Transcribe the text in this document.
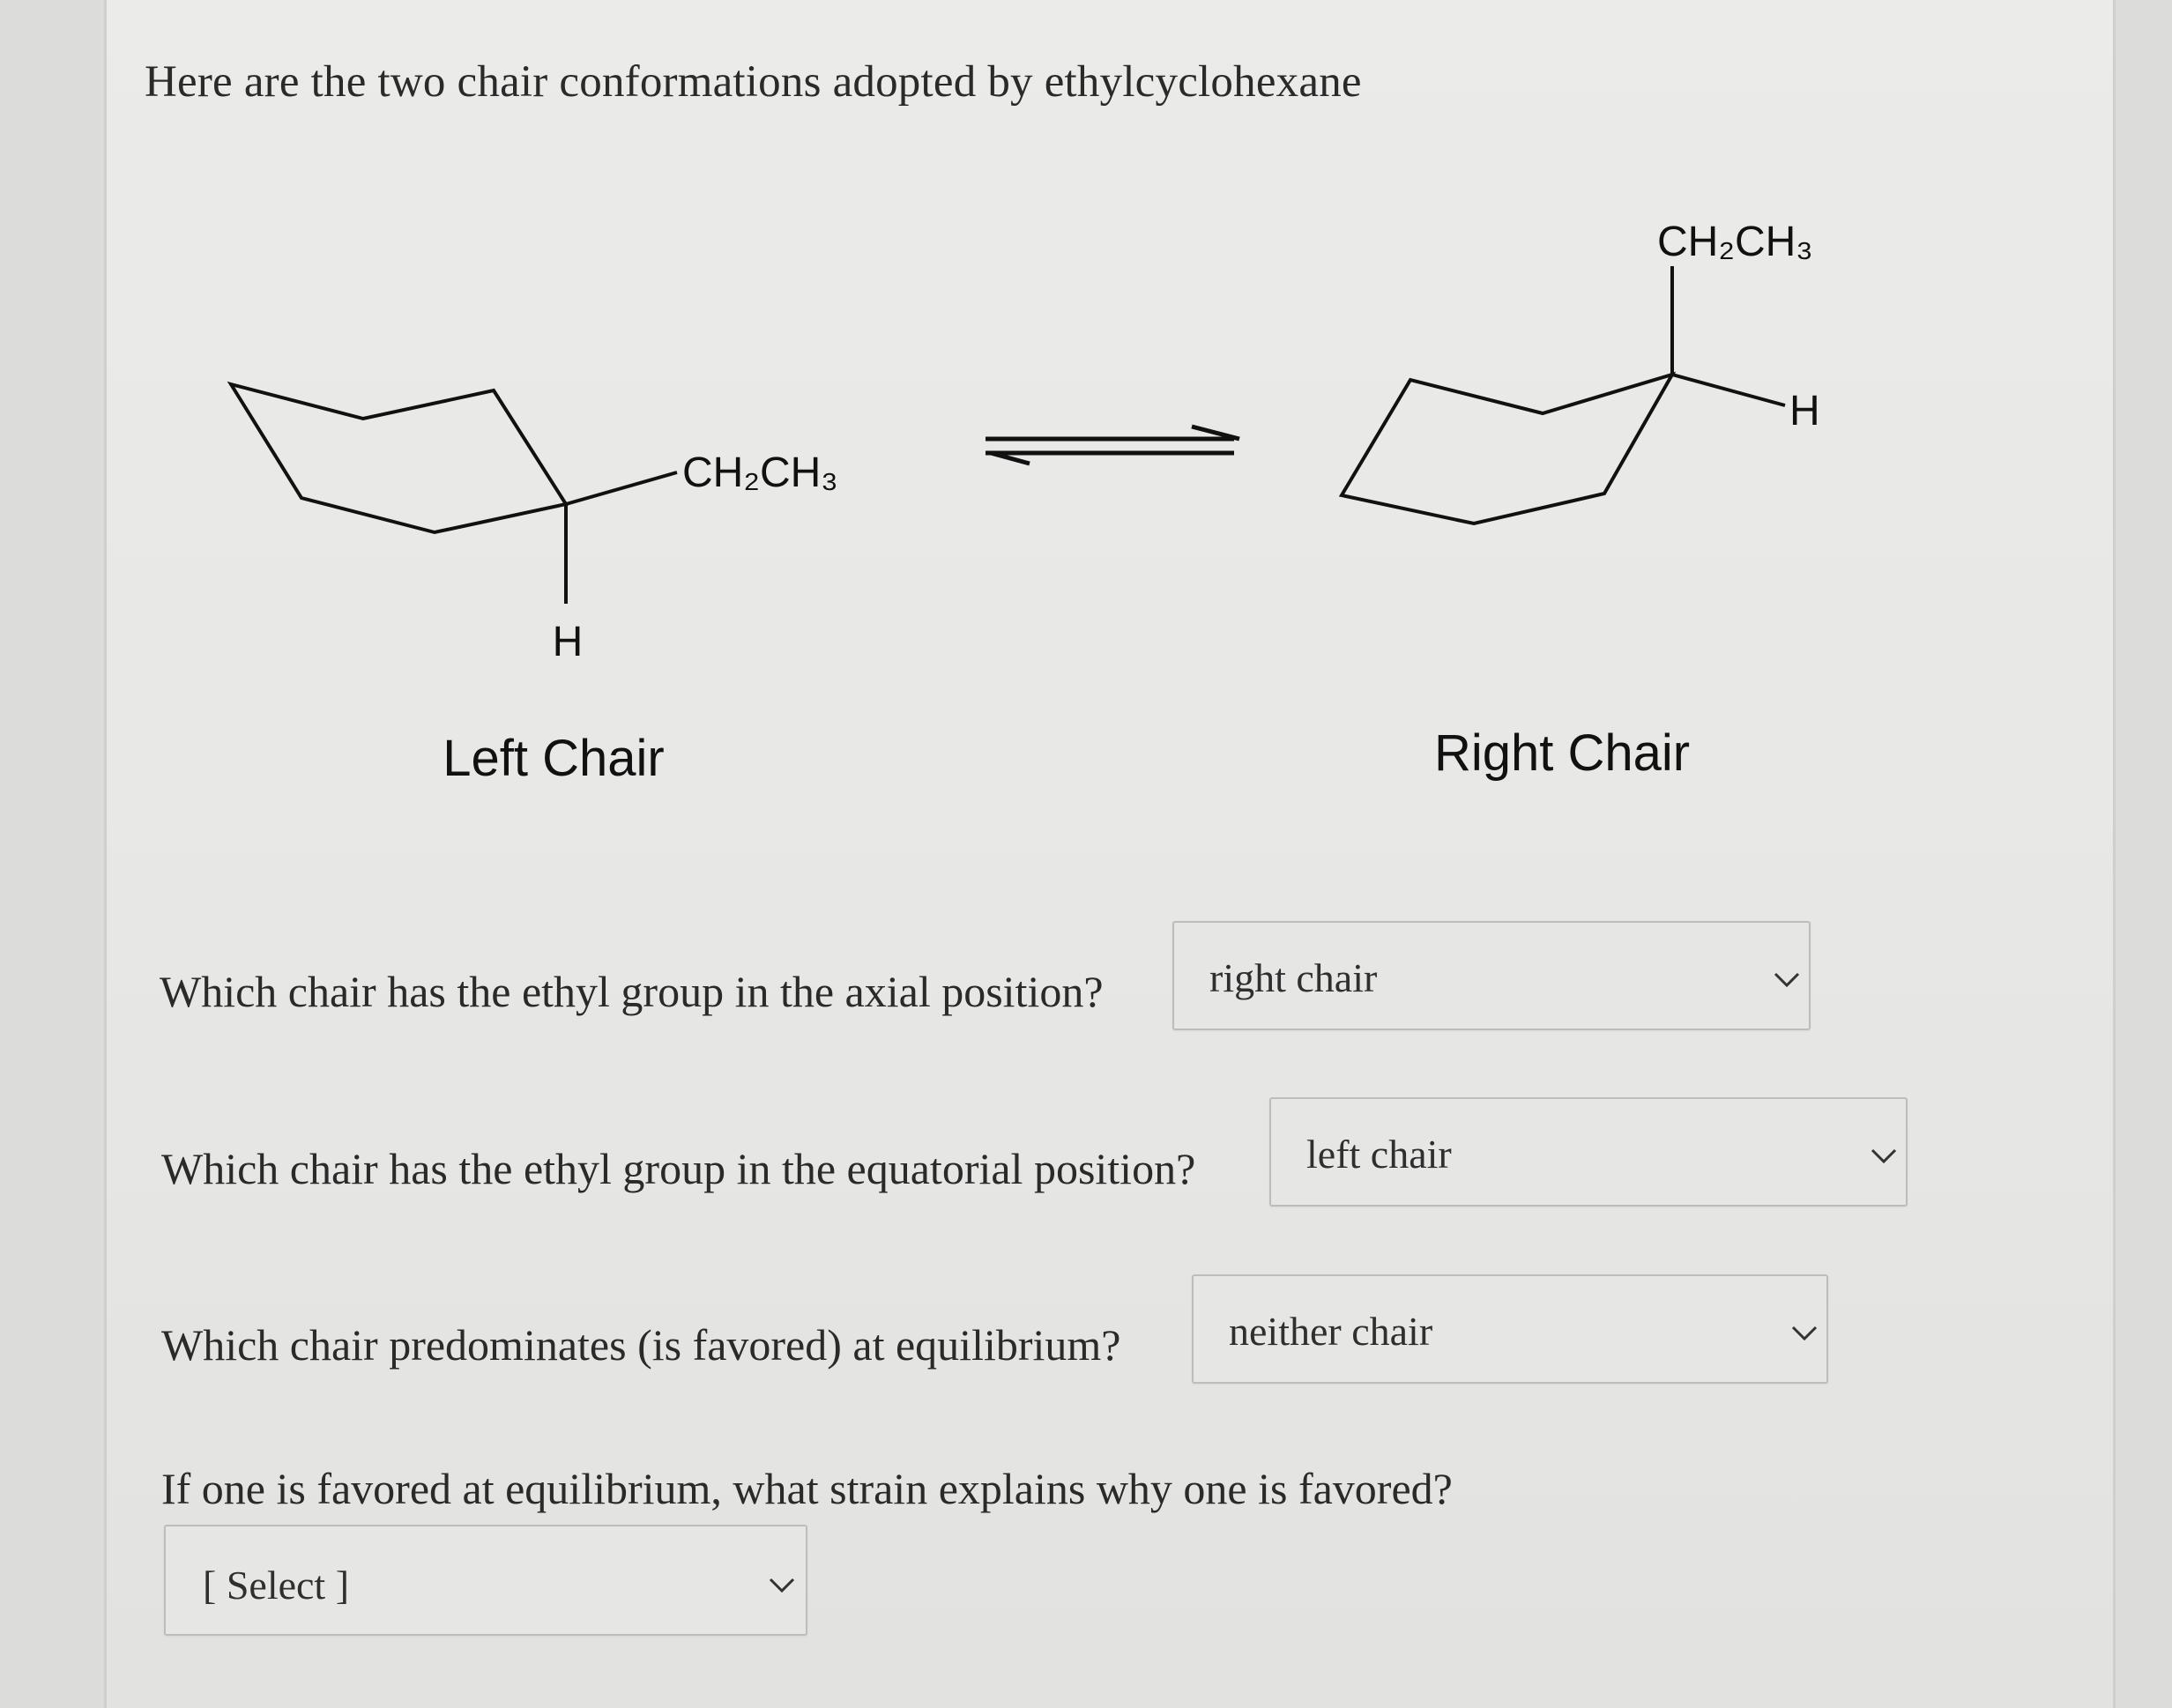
Here are the two chair conformations adopted by ethylcyclohexane
CH₂CH₃
H
Left Chair
CH₂CH₃
H
Right Chair
Which chair has the ethyl group in the axial position?	right chair
Which chair has the ethyl group in the equatorial position?	left chair
Which chair predominates (is favored) at equilibrium?	neither chair
If one is favored at equilibrium, what strain explains why one is favored?
[ Select ]
